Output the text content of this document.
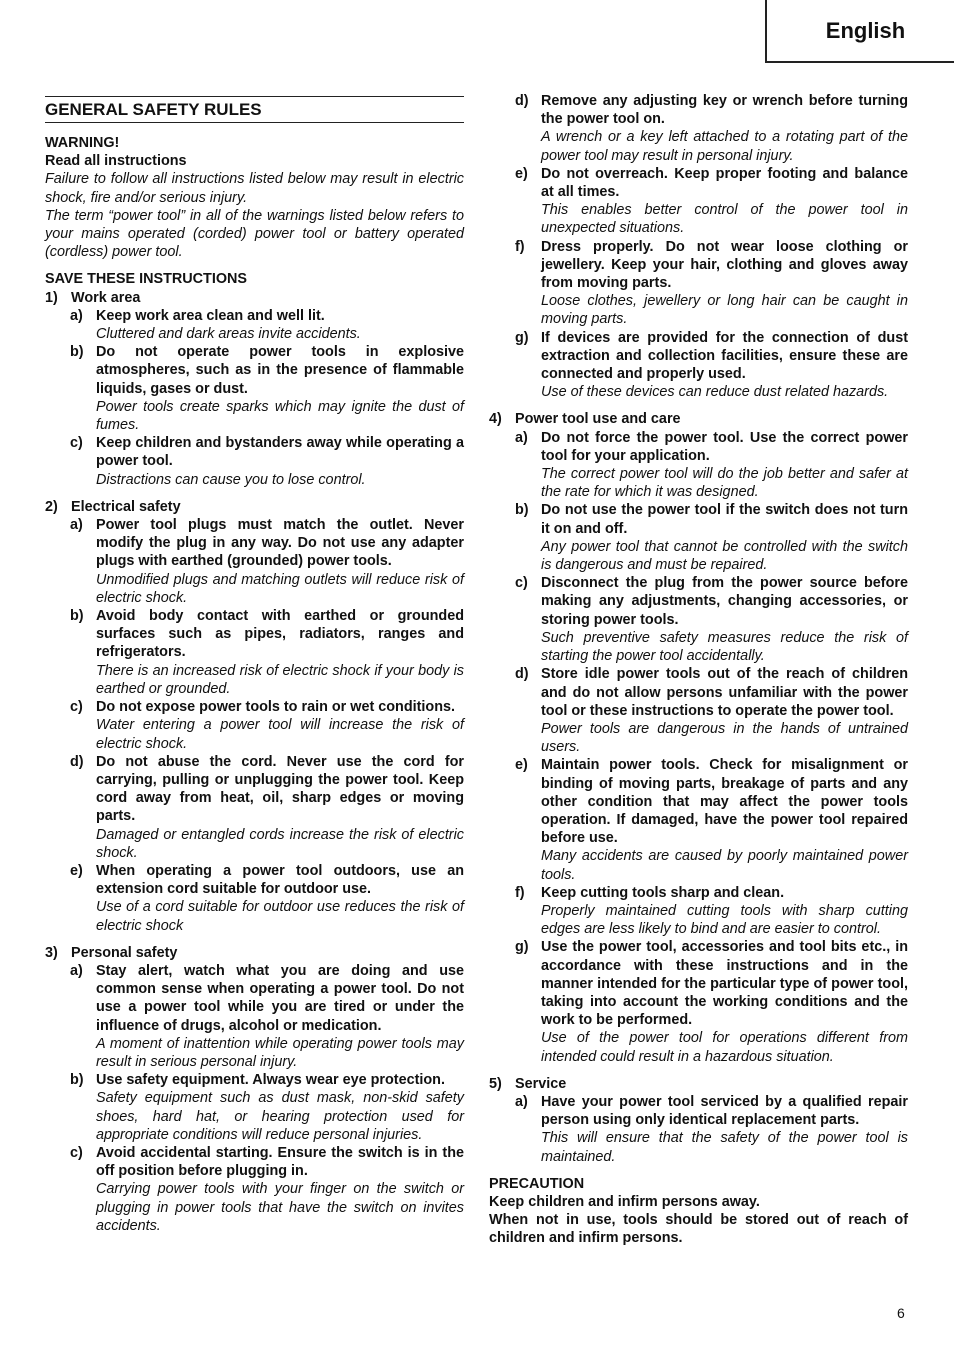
English
GENERAL SAFETY RULES
WARNING!
Read all instructions
Failure to follow all instructions listed below may result in electric shock, fire and/or serious injury.
The term “power tool” in all of the warnings listed below refers to your mains operated (corded) power tool or battery operated (cordless) power tool.
SAVE THESE INSTRUCTIONS
1) Work area
a) Keep work area clean and well lit.
Cluttered and dark areas invite accidents.
b) Do not operate power tools in explosive atmospheres, such as in the presence of flammable liquids, gases or dust.
Power tools create sparks which may ignite the dust of fumes.
c) Keep children and bystanders away while operating a power tool.
Distractions can cause you to lose control.
2) Electrical safety
a) Power tool plugs must match the outlet. Never modify the plug in any way. Do not use any adapter plugs with earthed (grounded) power tools.
Unmodified plugs and matching outlets will reduce risk of electric shock.
b) Avoid body contact with earthed or grounded surfaces such as pipes, radiators, ranges and refrigerators.
There is an increased risk of electric shock if your body is earthed or grounded.
c) Do not expose power tools to rain or wet conditions.
Water entering a power tool will increase the risk of electric shock.
d) Do not abuse the cord. Never use the cord for carrying, pulling or unplugging the power tool. Keep cord away from heat, oil, sharp edges or moving parts.
Damaged or entangled cords increase the risk of electric shock.
e) When operating a power tool outdoors, use an extension cord suitable for outdoor use.
Use of a cord suitable for outdoor use reduces the risk of electric shock
3) Personal safety
a) Stay alert, watch what you are doing and use common sense when operating a power tool. Do not use a power tool while you are tired or under the influence of drugs, alcohol or medication.
A moment of inattention while operating power tools may result in serious personal injury.
b) Use safety equipment. Always wear eye protection.
Safety equipment such as dust mask, non-skid safety shoes, hard hat, or hearing protection used for appropriate conditions will reduce personal injuries.
c) Avoid accidental starting. Ensure the switch is in the off position before plugging in.
Carrying power tools with your finger on the switch or plugging in power tools that have the switch on invites accidents.
d) Remove any adjusting key or wrench before turning the power tool on.
A wrench or a key left attached to a rotating part of the power tool may result in personal injury.
e) Do not overreach. Keep proper footing and balance at all times.
This enables better control of the power tool in unexpected situations.
f)	Dress properly. Do not wear loose clothing or jewellery. Keep your hair, clothing and gloves away from moving parts.
Loose clothes, jewellery or long hair can be caught in moving parts.
g) If devices are provided for the connection of dust extraction and collection facilities, ensure these are connected and properly used.
Use of these devices can reduce dust related hazards.
4) Power tool use and care
a) Do not force the power tool. Use the correct power tool for your application.
The correct power tool will do the job better and safer at the rate for which it was designed.
b) Do not use the power tool if the switch does not turn it on and off.
Any power tool that cannot be controlled with the switch is dangerous and must be repaired.
c) Disconnect the plug from the power source before making any adjustments, changing accessories, or storing power tools.
Such preventive safety measures reduce the risk of starting the power tool accidentally.
d) Store idle power tools out of the reach of children and do not allow persons unfamiliar with the power tool or these instructions to operate the power tool.
Power tools are dangerous in the hands of untrained users.
e) Maintain power tools. Check for misalignment or binding of moving parts, breakage of parts and any other condition that may affect the power tools operation. If damaged, have the power tool repaired before use.
Many accidents are caused by poorly maintained power tools.
f)	Keep cutting tools sharp and clean.
Properly maintained cutting tools with sharp cutting edges are less likely to bind and are easier to control.
g) Use the power tool, accessories and tool bits etc., in accordance with these instructions and in the manner intended for the particular type of power tool, taking into account the working conditions and the work to be performed.
Use of the power tool for operations different from intended could result in a hazardous situation.
5) Service
a) Have your power tool serviced by a qualified repair person using only identical replacement parts.
This will ensure that the safety of the power tool is maintained.
PRECAUTION
Keep children and infirm persons away.
When not in use, tools should be stored out of reach of children and infirm persons.
6
